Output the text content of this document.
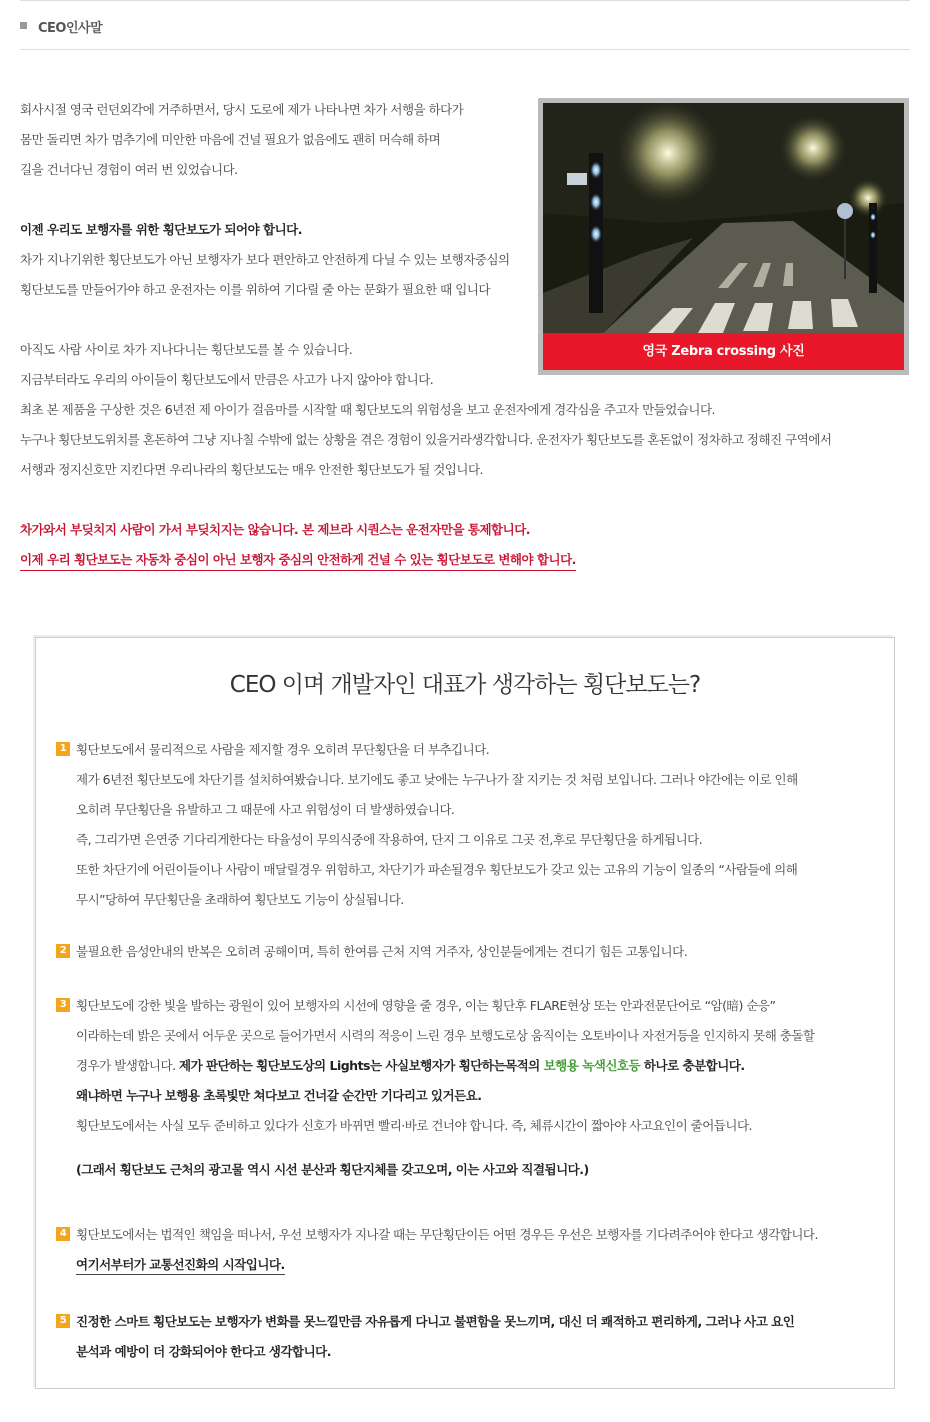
CEO인사말

회사시절 영국 런던외각에 거주하면서, 당시 도로에 제가 나타나면 차가 서행을 하다가

몸만 돌리면 차가 멈추기에 미안한 마음에 건널 필요가 없음에도 괜히 머슥해 하며

길을 건너다닌 경험이 여러 번 있었습니다.

이젠 우리도 보행자를 위한 횡단보도가 되어야 합니다.

차가 지나기위한 횡단보도가 아닌 보행자가 보다 편안하고 안전하게 다닐 수 있는 보행자중심의

횡단보도를 만들어가야 하고 운전자는 이를 위하여 기다릴 줄 아는 문화가 필요한 때 입니다

아직도 사람 사이로 차가 지나다니는 횡단보도를 볼 수 있습니다.

지금부터라도 우리의 아이들이 횡단보도에서 만큼은 사고가 나지 않아야 합니다.

최초 본 제품을 구상한 것은 6년전 제 아이가 걸음마를 시작할 때 횡단보도의 위험성을 보고 운전자에게 경각심을 주고자 만들었습니다.

누구나 횡단보도위치를 혼돈하여 그냥 지나칠 수밖에 없는 상황을 겪은 경험이 있을거라생각합니다. 운전자가 횡단보도를 혼돈없이 정차하고 정해진 구역에서

서행과 정지신호만 지킨다면 우리나라의 횡단보도는 매우 안전한 횡단보도가 될 것입니다.

차가와서 부딪치지 사람이 가서 부딪치지는 않습니다. 본 제브라 시퀀스는 운전자만을 통제합니다.

이제 우리 횡단보도는 자동차 중심이 아닌 보행자 중심의 안전하게 건널 수 있는 횡단보도로 변해야 합니다.

영국 Zebra crossing 사진
CEO 이며 개발자인 대표가 생각하는 횡단보도는?
1 횡단보도에서 물리적으로 사람을 제지할 경우 오히려 무단횡단을 더 부추깁니다.

제가 6년전 횡단보도에 차단기를 설치하여봤습니다. 보기에도 좋고 낮에는 누구나가 잘 지키는 것 처럼 보입니다. 그러나 야간에는 이로 인해

오히려 무단횡단을 유발하고 그 때문에 사고 위험성이 더 발생하였습니다.

즉, 그리가면 은연중 기다리게한다는 타율성이 무의식중에 작용하여, 단지 그 이유로 그곳 전,후로 무단횡단을 하게됩니다.

또한 차단기에 어린이들이나 사람이 매달릴경우 위험하고, 차단기가 파손될경우 횡단보도가 갖고 있는 고유의 기능이 일종의 “사람들에 의해

무시”당하여 무단횡단을 초래하여 횡단보도 기능이 상실됩니다.

2 불필요한 음성안내의 반복은 오히려 공해이며, 특히 한여름 근처 지역 거주자, 상인분들에게는 견디기 힘든 고통입니다.

3 횡단보도에 강한 빛을 발하는 광원이 있어 보행자의 시선에 영향을 줄 경우, 이는 횡단후 FLARE현상 또는 안과전문단어로 “암(暗) 순응”

이라하는데 밝은 곳에서 어두운 곳으로 들어가면서 시력의 적응이 느린 경우 보행도로상 움직이는 오토바이나 자전거등을 인지하지 못해 충돌할

경우가 발생합니다. 제가 판단하는 횡단보도상의 Lights는 사실보행자가 횡단하는목적의 보행용 녹색신호등 하나로 충분합니다.

왜냐하면 누구나 보행용 초록빛만 쳐다보고 건너갈 순간만 기다리고 있거든요.

횡단보도에서는 사실 모두 준비하고 있다가 신호가 바뀌면 빨리·바로 건너야 합니다. 즉, 체류시간이 짧아야 사고요인이 줄어듭니다.

(그래서 횡단보도 근처의 광고물 역시 시선 분산과 횡단지체를 갖고오며, 이는 사고와 직결됩니다.)

4 횡단보도에서는 법적인 책임을 떠나서, 우선 보행자가 지나갈 때는 무단횡단이든 어떤 경우든 우선은 보행자를 기다려주어야 한다고 생각합니다.

여기서부터가 교통선진화의 시작입니다.

5 진정한 스마트 횡단보도는 보행자가 변화를 못느낄만큼 자유롭게 다니고 불편함을 못느끼며, 대신 더 쾌적하고 편리하게, 그러나 사고 요인

분석과 예방이 더 강화되어야 한다고 생각합니다.
